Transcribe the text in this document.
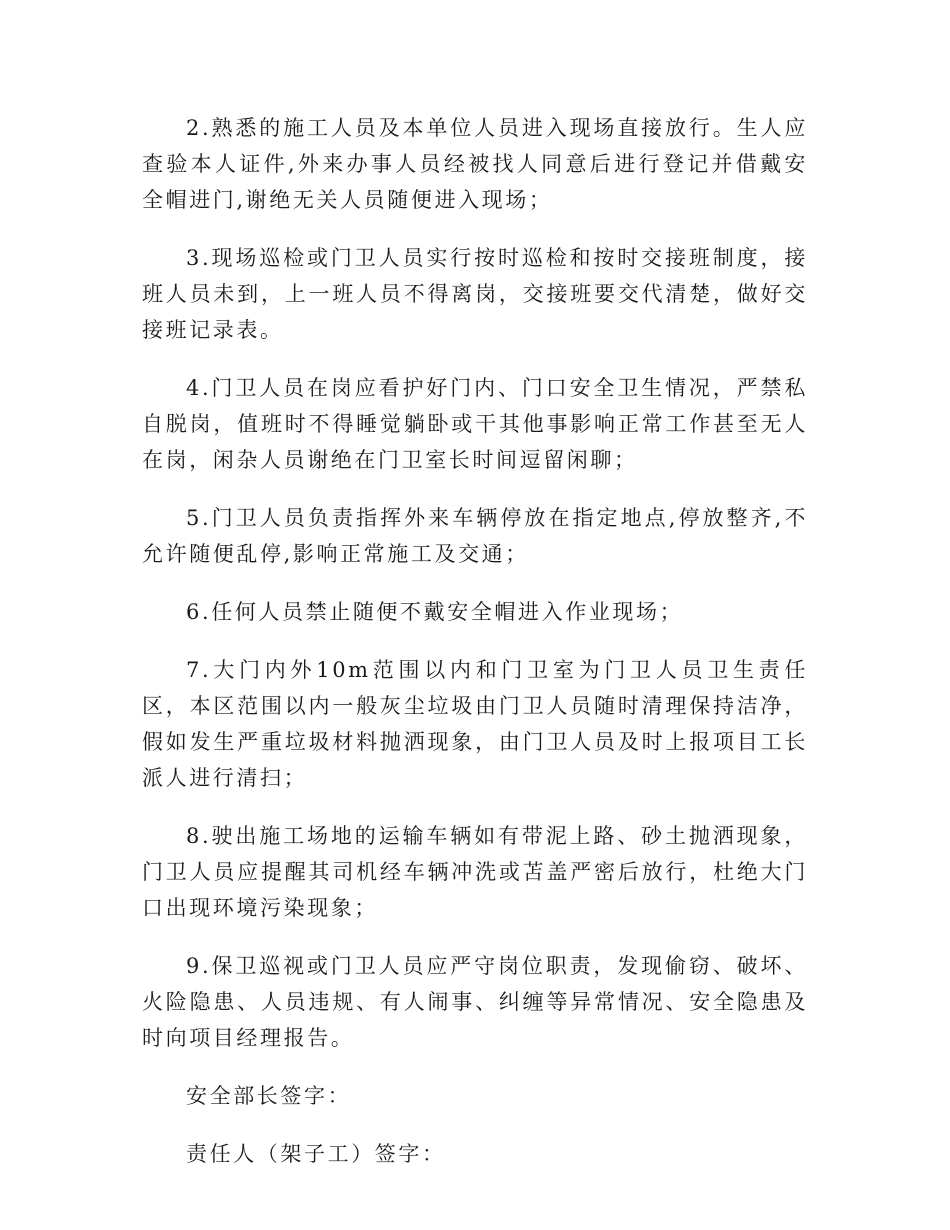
2.熟悉的施工人员及本单位人员进入现场直接放行。生人应查验本人证件,外来办事人员经被找人同意后进行登记并借戴安全帽进门,谢绝无关人员随便进入现场；

3.现场巡检或门卫人员实行按时巡检和按时交接班制度，接班人员未到，上一班人员不得离岗，交接班要交代清楚，做好交接班记录表。

4.门卫人员在岗应看护好门内、门口安全卫生情况，严禁私自脱岗，值班时不得睡觉躺卧或干其他事影响正常工作甚至无人在岗，闲杂人员谢绝在门卫室长时间逗留闲聊；

5.门卫人员负责指挥外来车辆停放在指定地点,停放整齐,不允许随便乱停,影响正常施工及交通；

6.任何人员禁止随便不戴安全帽进入作业现场；

7.大门内外10m范围以内和门卫室为门卫人员卫生责任区，本区范围以内一般灰尘垃圾由门卫人员随时清理保持洁净，假如发生严重垃圾材料抛洒现象，由门卫人员及时上报项目工长派人进行清扫；

8.驶出施工场地的运输车辆如有带泥上路、砂土抛洒现象，门卫人员应提醒其司机经车辆冲洗或苫盖严密后放行，杜绝大门口出现环境污染现象；

9.保卫巡视或门卫人员应严守岗位职责，发现偷窃、破坏、火险隐患、人员违规、有人闹事、纠缠等异常情况、安全隐患及时向项目经理报告。

安全部长签字：

责任人（架子工）签字：
